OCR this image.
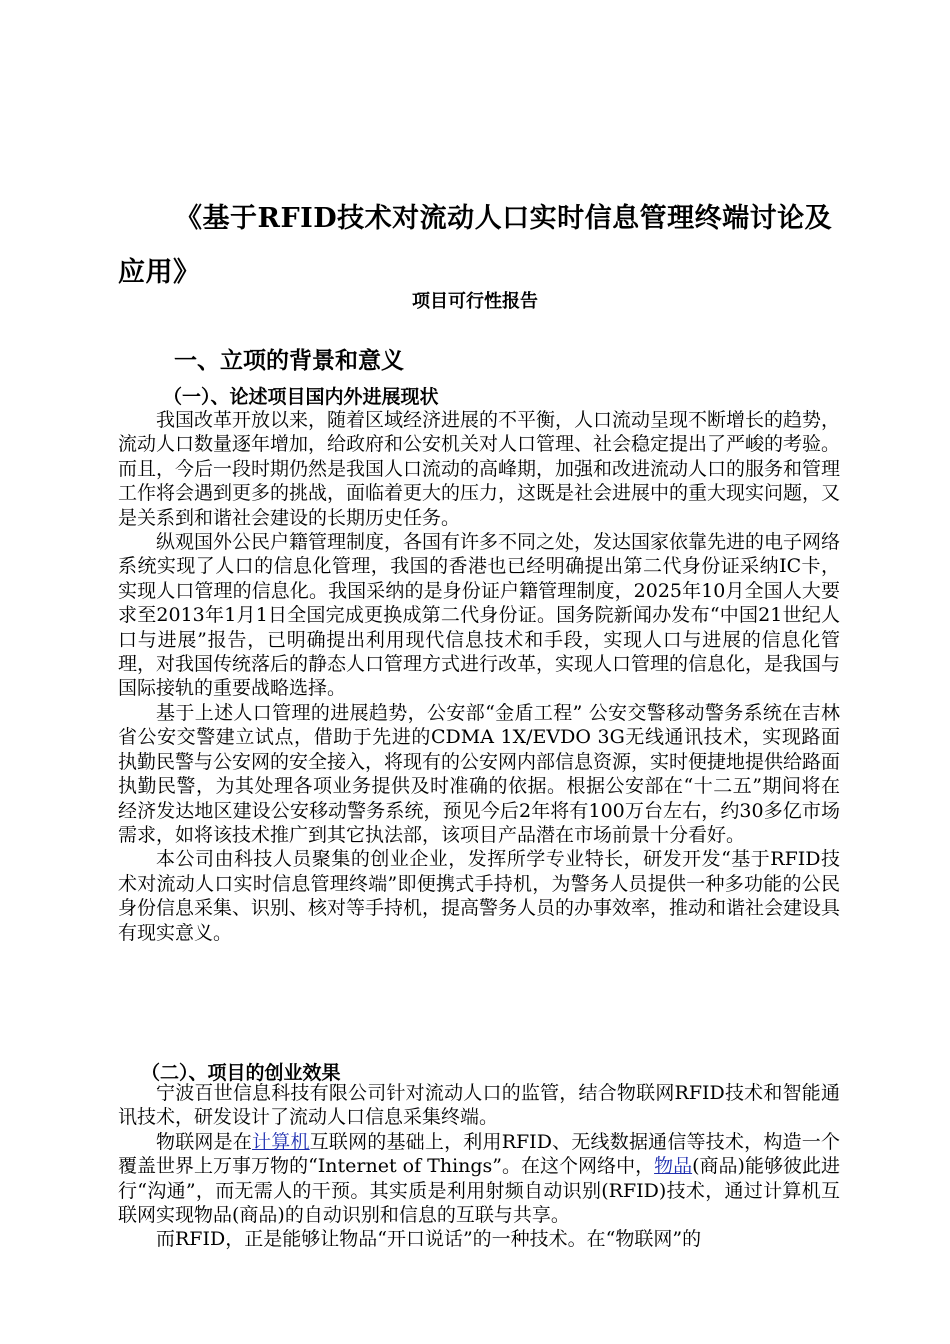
《基于RFID技术对流动人口实时信息管理终端讨论及应用》
项目可行性报告
一、立项的背景和意义
（一）、论述项目国内外进展现状

我国改革开放以来，随着区域经济进展的不平衡，人口流动呈现不断增长的趋势，流动人口数量逐年增加，给政府和公安机关对人口管理、社会稳定提出了严峻的考验。而且，今后一段时期仍然是我国人口流动的高峰期，加强和改进流动人口的服务和管理工作将会遇到更多的挑战，面临着更大的压力，这既是社会进展中的重大现实问题，又是关系到和谐社会建设的长期历史任务。

纵观国外公民户籍管理制度，各国有许多不同之处，发达国家依靠先进的电子网络系统实现了人口的信息化管理，我国的香港也已经明确提出第二代身份证采纳IC卡，实现人口管理的信息化。我国采纳的是身份证户籍管理制度，2025年10月全国人大要求至2013年1月1日全国完成更换成第二代身份证。国务院新闻办发布“中国21世纪人口与进展”报告，已明确提出利用现代信息技术和手段，实现人口与进展的信息化管理，对我国传统落后的静态人口管理方式进行改革，实现人口管理的信息化，是我国与国际接轨的重要战略选择。

基于上述人口管理的进展趋势，公安部“金盾工程” 公安交警移动警务系统在吉林省公安交警建立试点，借助于先进的CDMA 1X/EVDO 3G无线通讯技术，实现路面执勤民警与公安网的安全接入，将现有的公安网内部信息资源，实时便捷地提供给路面执勤民警，为其处理各项业务提供及时准确的依据。根据公安部在“十二五”期间将在经济发达地区建设公安移动警务系统，预见今后2年将有100万台左右，约30多亿市场需求，如将该技术推广到其它执法部，该项目产品潜在市场前景十分看好。

本公司由科技人员聚集的创业企业，发挥所学专业特长，研发开发“基于RFID技术对流动人口实时信息管理终端”即便携式手持机，为警务人员提供一种多功能的公民身份信息采集、识别、核对等手持机，提高警务人员的办事效率，推动和谐社会建设具有现实意义。

（二）、项目的创业效果

宁波百世信息科技有限公司针对流动人口的监管，结合物联网RFID技术和智能通讯技术，研发设计了流动人口信息采集终端。

物联网是在计算机互联网的基础上，利用RFID、无线数据通信等技术，构造一个覆盖世界上万事万物的“Internet of Things”。在这个网络中，物品(商品)能够彼此进行“沟通”，而无需人的干预。其实质是利用射频自动识别(RFID)技术，通过计算机互联网实现物品(商品)的自动识别和信息的互联与共享。

而RFID，正是能够让物品“开口说话”的一种技术。在“物联网”的
